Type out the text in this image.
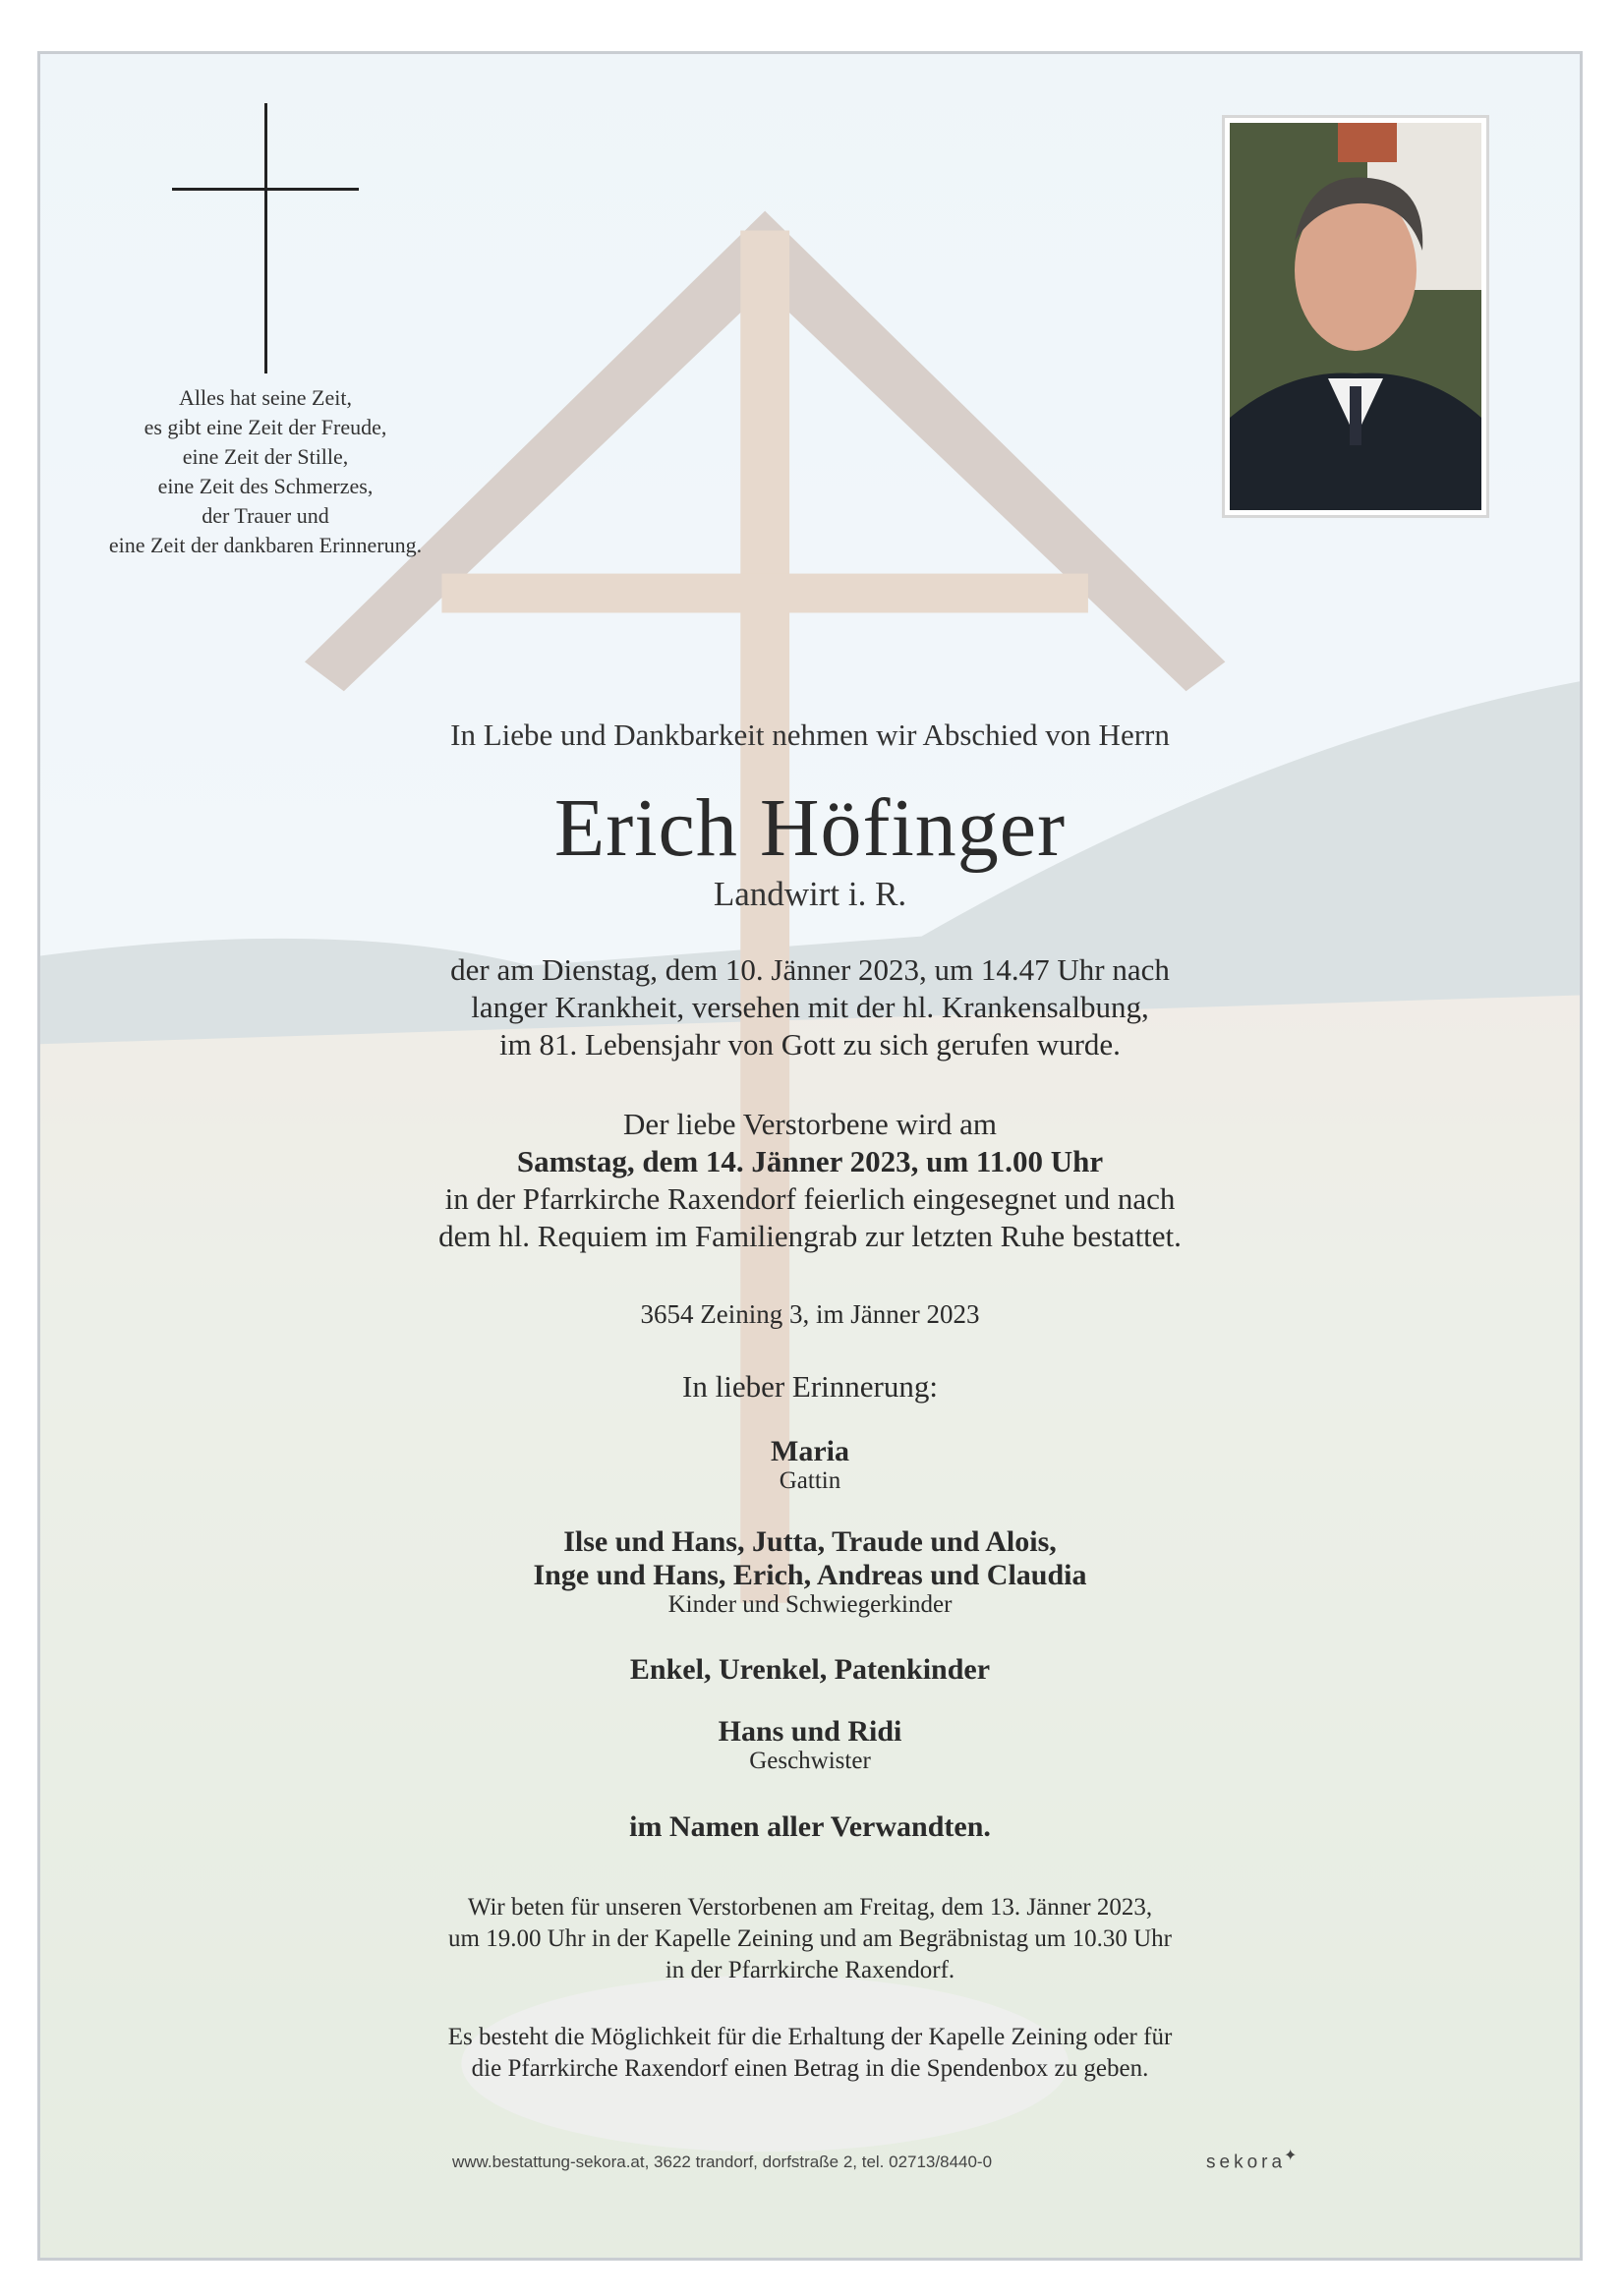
Alles hat seine Zeit,
es gibt eine Zeit der Freude,
eine Zeit der Stille,
eine Zeit des Schmerzes,
der Trauer und
eine Zeit der dankbaren Erinnerung.
In Liebe und Dankbarkeit nehmen wir Abschied von Herrn
Erich Höfinger
Landwirt i. R.
der am Dienstag, dem 10. Jänner 2023, um 14.47 Uhr nach
langer Krankheit, versehen mit der hl. Krankensalbung,
im 81. Lebensjahr von Gott zu sich gerufen wurde.
Der liebe Verstorbene wird am
Samstag, dem 14. Jänner 2023, um 11.00 Uhr
in der Pfarrkirche Raxendorf feierlich eingesegnet und nach
dem hl. Requiem im Familiengrab zur letzten Ruhe bestattet.
3654 Zeining 3, im Jänner 2023
In lieber Erinnerung:
Maria
Gattin
Ilse und Hans, Jutta, Traude und Alois,
Inge und Hans, Erich, Andreas und Claudia
Kinder und Schwiegerkinder
Enkel, Urenkel, Patenkinder
Hans und Ridi
Geschwister
im Namen aller Verwandten.
Wir beten für unseren Verstorbenen am Freitag, dem 13. Jänner 2023,
um 19.00 Uhr in der Kapelle Zeining und am Begräbnistag um 10.30 Uhr
in der Pfarrkirche Raxendorf.
Es besteht die Möglichkeit für die Erhaltung der Kapelle Zeining oder für
die Pfarrkirche Raxendorf einen Betrag in die Spendenbox zu geben.
www.bestattung-sekora.at, 3622 trandorf, dorfstraße 2, tel. 02713/8440-0	sekora✦
